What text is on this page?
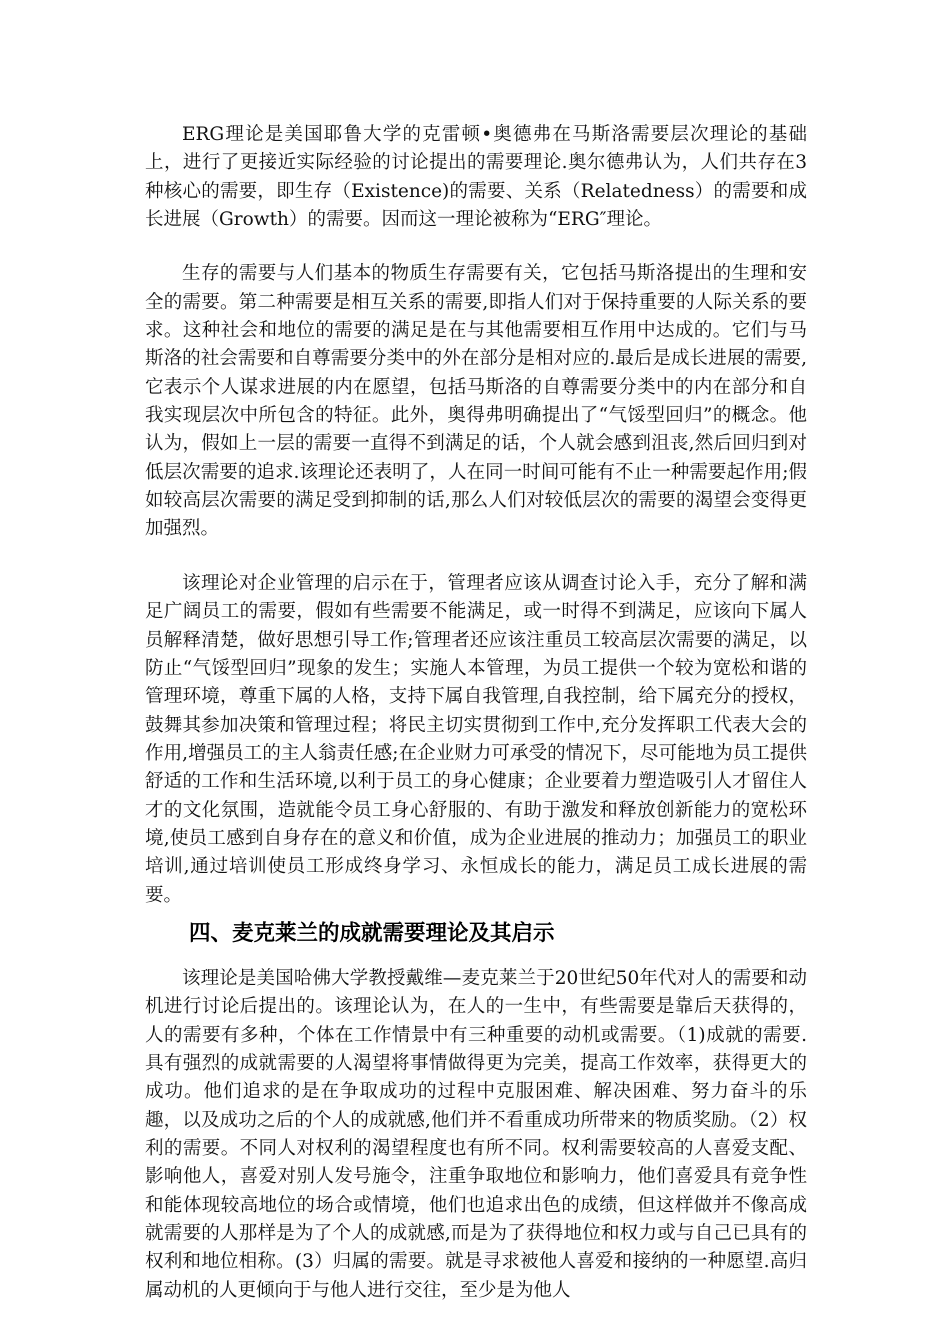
ERG理论是美国耶鲁大学的克雷顿•奥德弗在马斯洛需要层次理论的基础上，进行了更接近实际经验的讨论提出的需要理论.奥尔德弗认为，人们共存在3种核心的需要，即生存（Existence)的需要、关系（Relatedness）的需要和成长进展（Growth）的需要。因而这一理论被称为“ERG″理论。

生存的需要与人们基本的物质生存需要有关，它包括马斯洛提出的生理和安全的需要。第二种需要是相互关系的需要,即指人们对于保持重要的人际关系的要求。这种社会和地位的需要的满足是在与其他需要相互作用中达成的。它们与马斯洛的社会需要和自尊需要分类中的外在部分是相对应的.最后是成长进展的需要,它表示个人谋求进展的内在愿望，包括马斯洛的自尊需要分类中的内在部分和自我实现层次中所包含的特征。此外，奥得弗明确提出了“气馁型回归”的概念。他认为，假如上一层的需要一直得不到满足的话，个人就会感到沮丧,然后回归到对低层次需要的追求.该理论还表明了，人在同一时间可能有不止一种需要起作用;假如较高层次需要的满足受到抑制的话,那么人们对较低层次的需要的渴望会变得更加强烈。

该理论对企业管理的启示在于，管理者应该从调查讨论入手，充分了解和满足广阔员工的需要，假如有些需要不能满足，或一时得不到满足，应该向下属人员解释清楚，做好思想引导工作;管理者还应该注重员工较高层次需要的满足，以防止“气馁型回归”现象的发生；实施人本管理，为员工提供一个较为宽松和谐的管理环境，尊重下属的人格，支持下属自我管理,自我控制，给下属充分的授权，鼓舞其参加决策和管理过程；将民主切实贯彻到工作中,充分发挥职工代表大会的作用,增强员工的主人翁责任感;在企业财力可承受的情况下，尽可能地为员工提供舒适的工作和生活环境,以利于员工的身心健康；企业要着力塑造吸引人才留住人才的文化氛围，造就能令员工身心舒服的、有助于激发和释放创新能力的宽松环境,使员工感到自身存在的意义和价值，成为企业进展的推动力；加强员工的职业培训,通过培训使员工形成终身学习、永恒成长的能力，满足员工成长进展的需要。

四、麦克莱兰的成就需要理论及其启示

该理论是美国哈佛大学教授戴维—麦克莱兰于20世纪50年代对人的需要和动机进行讨论后提出的。该理论认为，在人的一生中，有些需要是靠后天获得的，人的需要有多种，个体在工作情景中有三种重要的动机或需要。（1)成就的需要.具有强烈的成就需要的人渴望将事情做得更为完美，提高工作效率，获得更大的成功。他们追求的是在争取成功的过程中克服困难、解决困难、努力奋斗的乐趣，以及成功之后的个人的成就感,他们并不看重成功所带来的物质奖励。（2）权利的需要。不同人对权利的渴望程度也有所不同。权利需要较高的人喜爱支配、影响他人，喜爱对别人发号施令，注重争取地位和影响力，他们喜爱具有竞争性和能体现较高地位的场合或情境，他们也追求出色的成绩，但这样做并不像高成就需要的人那样是为了个人的成就感,而是为了获得地位和权力或与自己已具有的权利和地位相称。(3）归属的需要。就是寻求被他人喜爱和接纳的一种愿望.高归属动机的人更倾向于与他人进行交往，至少是为他人
